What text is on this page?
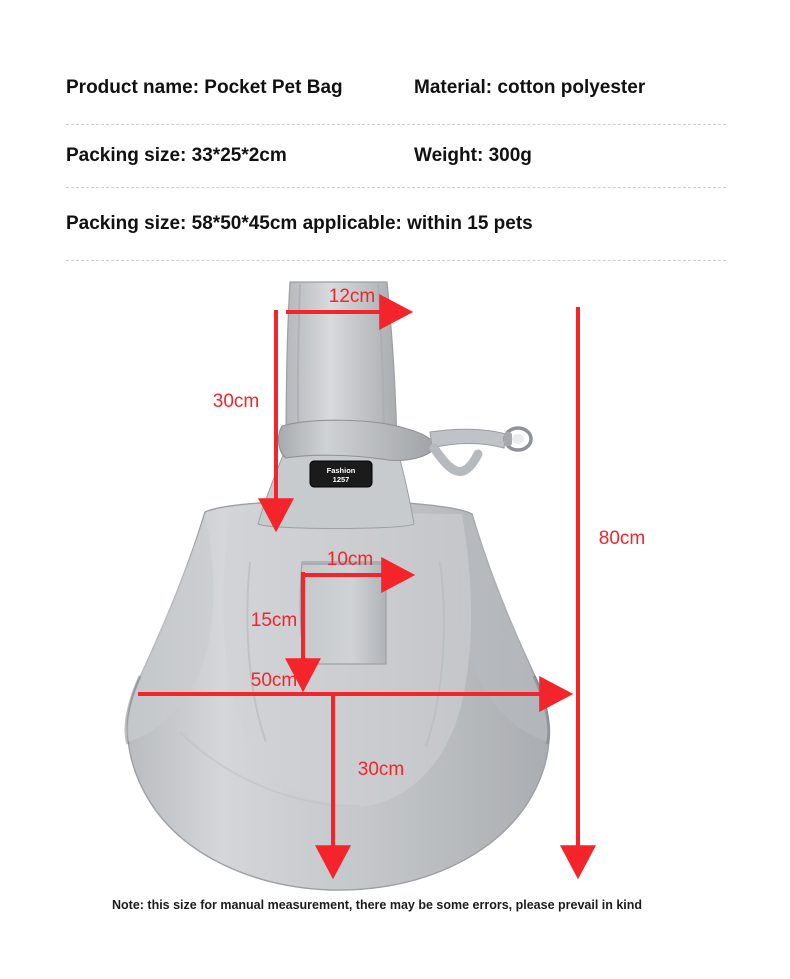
Product name: Pocket Pet Bag	Material: cotton polyester
Packing size: 33*25*2cm	Weight: 300g
Packing size: 58*50*45cm applicable: within 15 pets
Fashion
1257
12cm
30cm
80cm
10cm
15cm
50cm
30cm
Note: this size for manual measurement, there may be some errors, please prevail in kind
